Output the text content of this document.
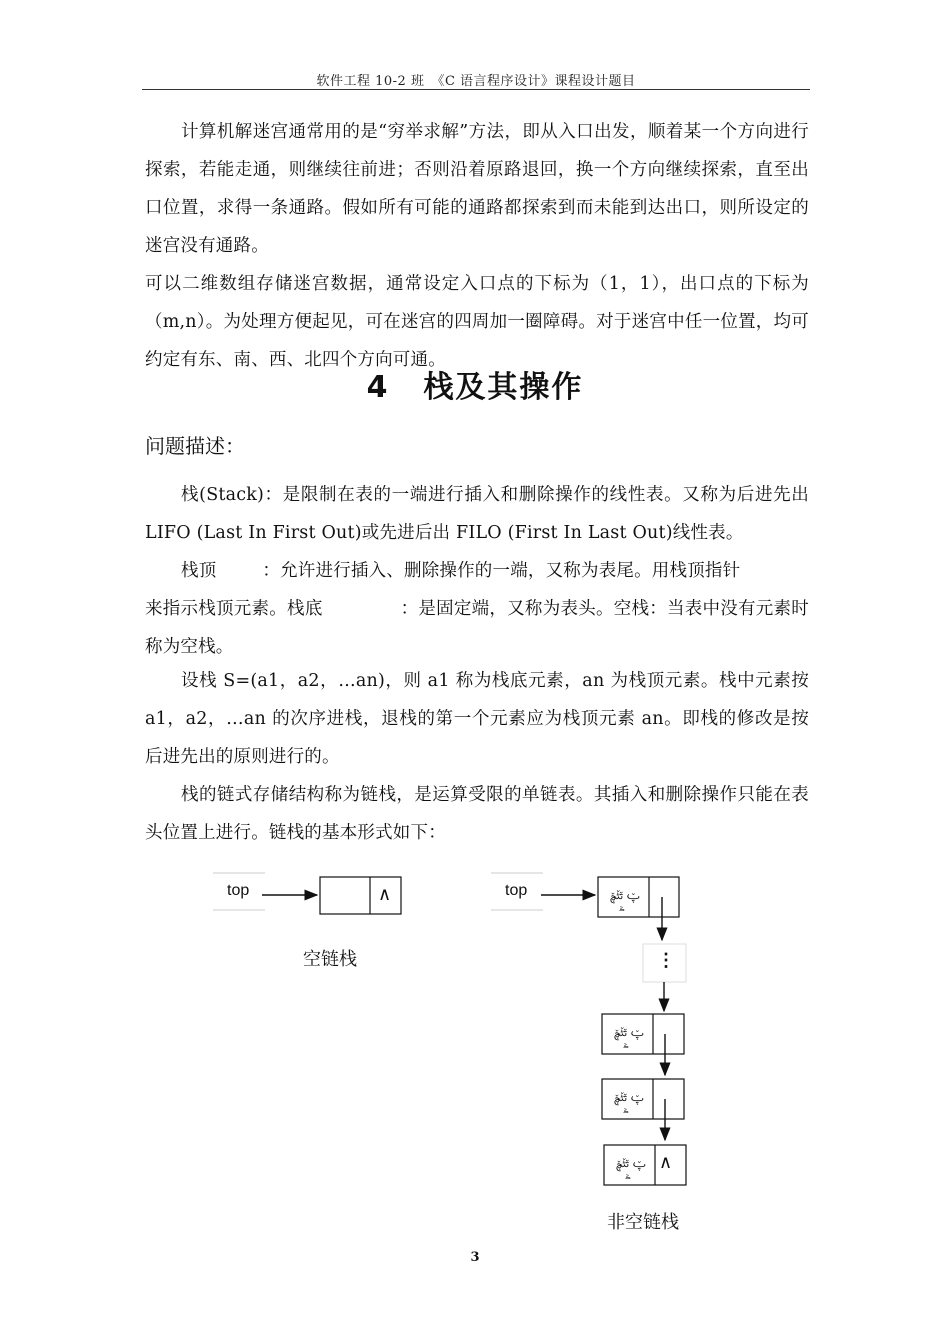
软件工程 10-2 班　《C 语言程序设计》课程设计题目

计算机解迷宫通常用的是“穷举求解”方法，即从入口出发，顺着某一个方向进行探索，若能走通，则继续往前进；否则沿着原路退回，换一个方向继续探索，直至出口位置，求得一条通路。假如所有可能的通路都探索到而未能到达出口，则所设定的迷宫没有通路。

可以二维数组存储迷宫数据，通常设定入口点的下标为（1，1），出口点的下标为（m,n）。为处理方便起见，可在迷宫的四周加一圈障碍。对于迷宫中任一位置，均可约定有东、南、西、北四个方向可通。

4 栈及其操作
问题描述：

栈(Stack)：是限制在表的一端进行插入和删除操作的线性表。又称为后进先出 LIFO (Last In First Out)或先进后出 FILO (First In Last Out)线性表。

栈顶	：允许进行插入、删除操作的一端，又称为表尾。用栈顶指针
来指示栈顶元素。栈底	：是固定端，又称为表头。空栈：当表中没有元素时称为空栈。

设栈 S=(a1，a2，…an)，则 a1 称为栈底元素，an 为栈顶元素。栈中元素按 a1，a2，…an 的次序进栈，退栈的第一个元素应为栈顶元素 an。即栈的修改是按后进先出的原则进行的。

栈的链式存储结构称为链栈，是运算受限的单链表。其插入和删除操作只能在表头位置上进行。链栈的基本形式如下：

top	∧
空链栈
top	ࢾ ࢿࣀࣁ
ࣂ
⋮
ࢾ ࢿࣀࣁ
ࣂ
ࢾ ࢿࣀࣁ
ࣂ
ࢾ ࢿࣀࣁ
ࣂ
∧
非空链栈
3
